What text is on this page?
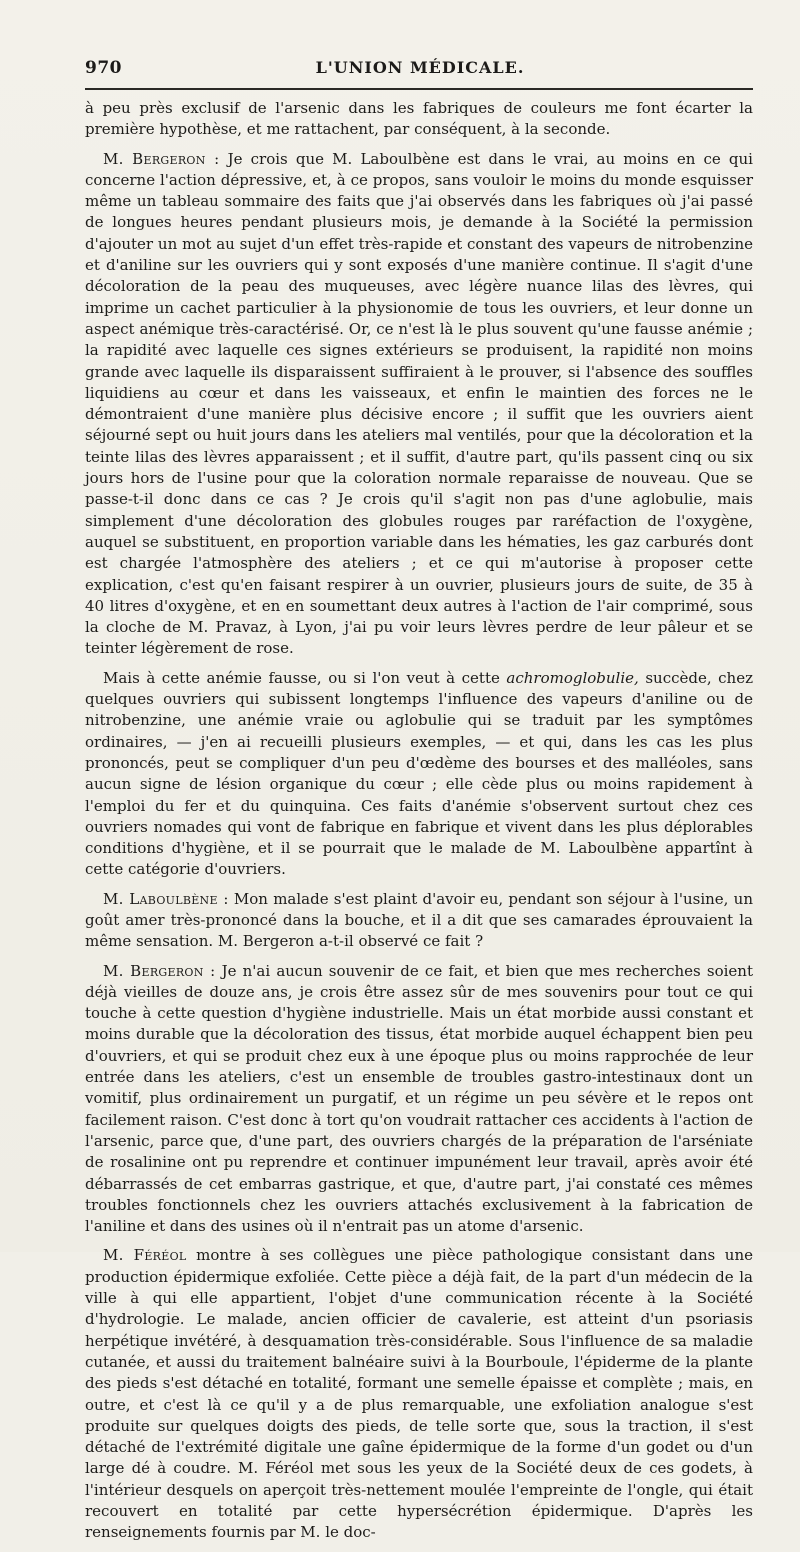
970	L'UNION MÉDICALE.

à peu près exclusif de l'arsenic dans les fabriques de couleurs me font écarter la première hypothèse, et me rattachent, par conséquent, à la seconde.

M. Bergeron : Je crois que M. Laboulbène est dans le vrai, au moins en ce qui concerne l'action dépressive, et, à ce propos, sans vouloir le moins du monde esquisser même un tableau sommaire des faits que j'ai observés dans les fabriques où j'ai passé de longues heures pendant plusieurs mois, je demande à la Société la permission d'ajouter un mot au sujet d'un effet très-rapide et constant des vapeurs de nitrobenzine et d'aniline sur les ouvriers qui y sont exposés d'une manière continue. Il s'agit d'une décoloration de la peau des muqueuses, avec légère nuance lilas des lèvres, qui imprime un cachet particulier à la physionomie de tous les ouvriers, et leur donne un aspect anémique très-caractérisé. Or, ce n'est là le plus souvent qu'une fausse anémie ; la rapidité avec laquelle ces signes extérieurs se produisent, la rapidité non moins grande avec laquelle ils disparaissent suffiraient à le prouver, si l'absence des souffles liquidiens au cœur et dans les vaisseaux, et enfin le maintien des forces ne le démontraient d'une manière plus décisive encore ; il suffit que les ouvriers aient séjourné sept ou huit jours dans les ateliers mal ventilés, pour que la décoloration et la teinte lilas des lèvres apparaissent ; et il suffit, d'autre part, qu'ils passent cinq ou six jours hors de l'usine pour que la coloration normale reparaisse de nouveau. Que se passe-t-il donc dans ce cas ? Je crois qu'il s'agit non pas d'une aglobulie, mais simplement d'une décoloration des globules rouges par raréfaction de l'oxygène, auquel se substituent, en proportion variable dans les hématies, les gaz carburés dont est chargée l'atmosphère des ateliers ; et ce qui m'autorise à proposer cette explication, c'est qu'en faisant respirer à un ouvrier, plusieurs jours de suite, de 35 à 40 litres d'oxygène, et en en soumettant deux autres à l'action de l'air comprimé, sous la cloche de M. Pravaz, à Lyon, j'ai pu voir leurs lèvres perdre de leur pâleur et se teinter légèrement de rose.

Mais à cette anémie fausse, ou si l'on veut à cette achromoglobulie, succède, chez quelques ouvriers qui subissent longtemps l'influence des vapeurs d'aniline ou de nitrobenzine, une anémie vraie ou aglobulie qui se traduit par les symptômes ordinaires, — j'en ai recueilli plusieurs exemples, — et qui, dans les cas les plus prononcés, peut se compliquer d'un peu d'œdème des bourses et des malléoles, sans aucun signe de lésion organique du cœur ; elle cède plus ou moins rapidement à l'emploi du fer et du quinquina. Ces faits d'anémie s'observent surtout chez ces ouvriers nomades qui vont de fabrique en fabrique et vivent dans les plus déplorables conditions d'hygiène, et il se pourrait que le malade de M. Laboulbène appartînt à cette catégorie d'ouvriers.

M. Laboulbène : Mon malade s'est plaint d'avoir eu, pendant son séjour à l'usine, un goût amer très-prononcé dans la bouche, et il a dit que ses camarades éprouvaient la même sensation. M. Bergeron a-t-il observé ce fait ?

M. Bergeron : Je n'ai aucun souvenir de ce fait, et bien que mes recherches soient déjà vieilles de douze ans, je crois être assez sûr de mes souvenirs pour tout ce qui touche à cette question d'hygiène industrielle. Mais un état morbide aussi constant et moins durable que la décoloration des tissus, état morbide auquel échappent bien peu d'ouvriers, et qui se produit chez eux à une époque plus ou moins rapprochée de leur entrée dans les ateliers, c'est un ensemble de troubles gastro-intestinaux dont un vomitif, plus ordinairement un purgatif, et un régime un peu sévère et le repos ont facilement raison. C'est donc à tort qu'on voudrait rattacher ces accidents à l'action de l'arsenic, parce que, d'une part, des ouvriers chargés de la préparation de l'arséniate de rosalinine ont pu reprendre et continuer impunément leur travail, après avoir été débarrassés de cet embarras gastrique, et que, d'autre part, j'ai constaté ces mêmes troubles fonctionnels chez les ouvriers attachés exclusivement à la fabrication de l'aniline et dans des usines où il n'entrait pas un atome d'arsenic.

M. Féréol montre à ses collègues une pièce pathologique consistant dans une production épidermique exfoliée. Cette pièce a déjà fait, de la part d'un médecin de la ville à qui elle appartient, l'objet d'une communication récente à la Société d'hydrologie. Le malade, ancien officier de cavalerie, est atteint d'un psoriasis herpétique invétéré, à desquamation très-considérable. Sous l'influence de sa maladie cutanée, et aussi du traitement balnéaire suivi à la Bourboule, l'épiderme de la plante des pieds s'est détaché en totalité, formant une semelle épaisse et complète ; mais, en outre, et c'est là ce qu'il y a de plus remarquable, une exfoliation analogue s'est produite sur quelques doigts des pieds, de telle sorte que, sous la traction, il s'est détaché de l'extrémité digitale une gaîne épidermique de la forme d'un godet ou d'un large dé à coudre. M. Féréol met sous les yeux de la Société deux de ces godets, à l'intérieur desquels on aperçoit très-nettement moulée l'empreinte de l'ongle, qui était recouvert en totalité par cette hypersécrétion épidermique. D'après les renseignements fournis par M. le doc-
